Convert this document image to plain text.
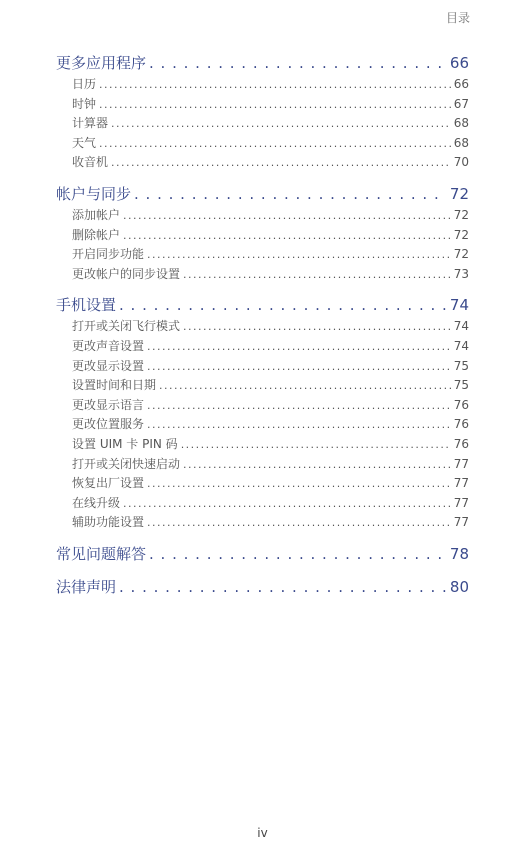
目录
更多应用程序 . . .	66
日历 . . .	66
时钟 . . .	67
计算器 . . .	68
天气 . . .	68
收音机 . . .	70
帐户与同步 . . .	72
添加帐户 . . .	72
删除帐户 . . .	72
开启同步功能 . . .	72
更改帐户的同步设置 . . .	73
手机设置 . . .	74
打开或关闭飞行模式 . . .	74
更改声音设置 . . .	74
更改显示设置 . . .	75
设置时间和日期 . . .	75
更改显示语言 . . .	76
更改位置服务 . . .	76
设置 UIM 卡 PIN 码 . . .	76
打开或关闭快速启动 . . .	77
恢复出厂设置 . . .	77
在线升级 . . .	77
辅助功能设置 . . .	77
常见问题解答 . . .	78
法律声明 . . .	80
iv
